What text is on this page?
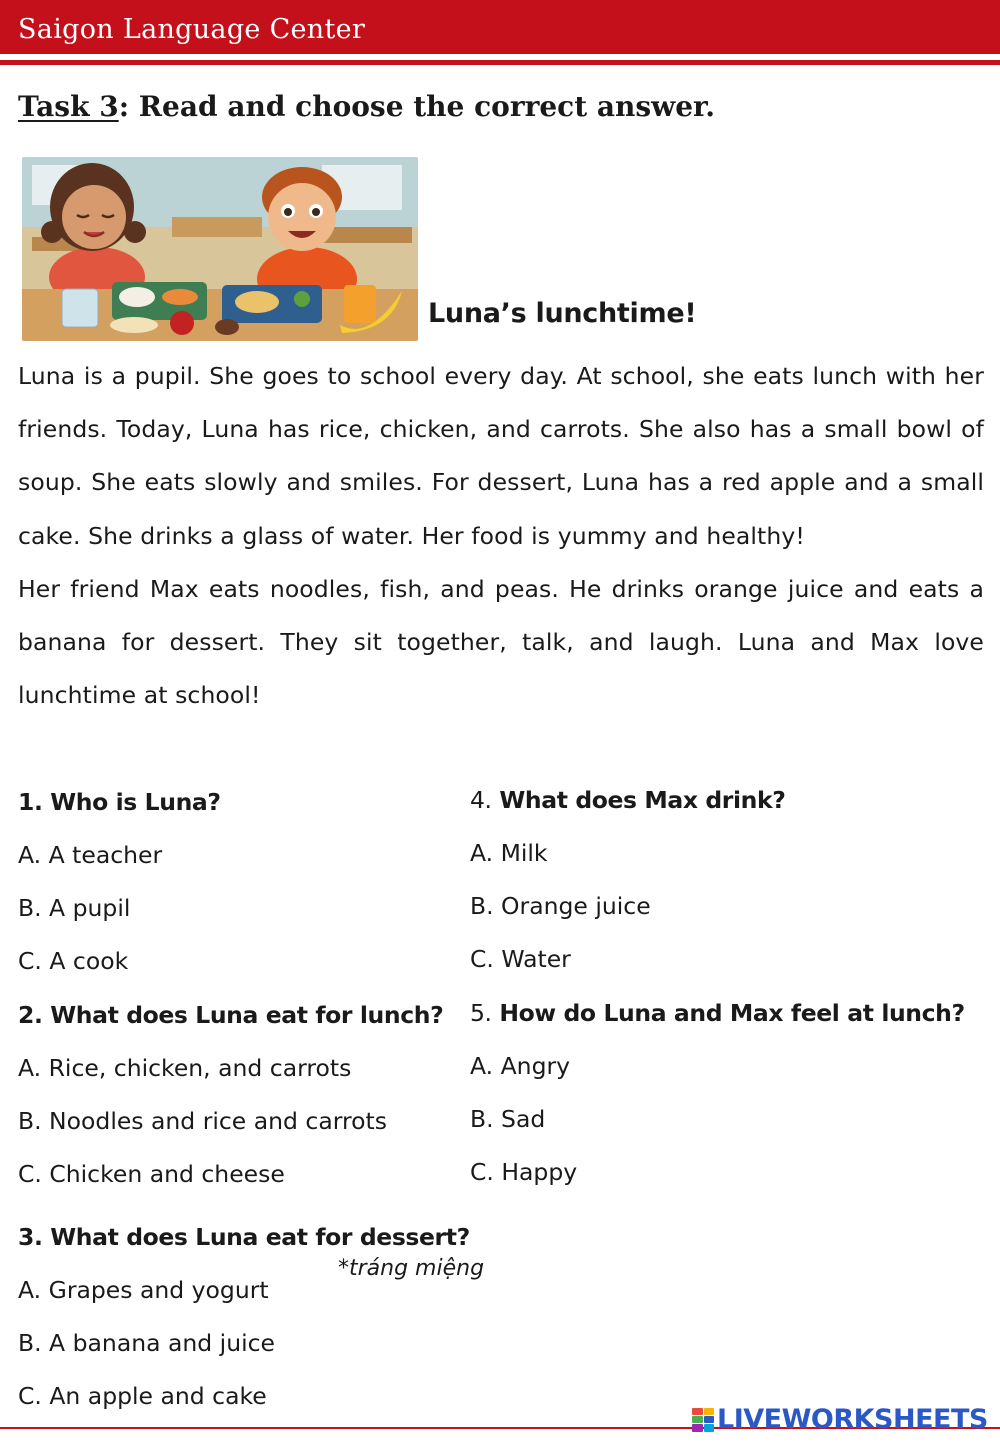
Saigon Language Center
Task 3: Read and choose the correct answer.
Luna’s lunchtime!

Luna is a pupil. She goes to school every day. At school, she eats lunch with her friends. Today, Luna has rice, chicken, and carrots. She also has a small bowl of soup. She eats slowly and smiles. For dessert, Luna has a red apple and a small cake. She drinks a glass of water. Her food is yummy and healthy!

Her friend Max eats noodles, fish, and peas. He drinks orange juice and eats a banana for dessert. They sit together, talk, and laugh. Luna and Max love lunchtime at school!

1. Who is Luna?
A. A teacher
B. A pupil
C. A cook
2. What does Luna eat for lunch?
A. Rice, chicken, and carrots
B. Noodles and rice and carrots
C. Chicken and cheese
3. What does Luna eat for dessert?
*tráng miệng
A. Grapes and yogurt
B. A banana and juice
C. An apple and cake
4. What does Max drink?
A. Milk
B. Orange juice
C. Water
5. How do Luna and Max feel at lunch?
A. Angry
B. Sad
C. Happy
LIVEWORKSHEETS
